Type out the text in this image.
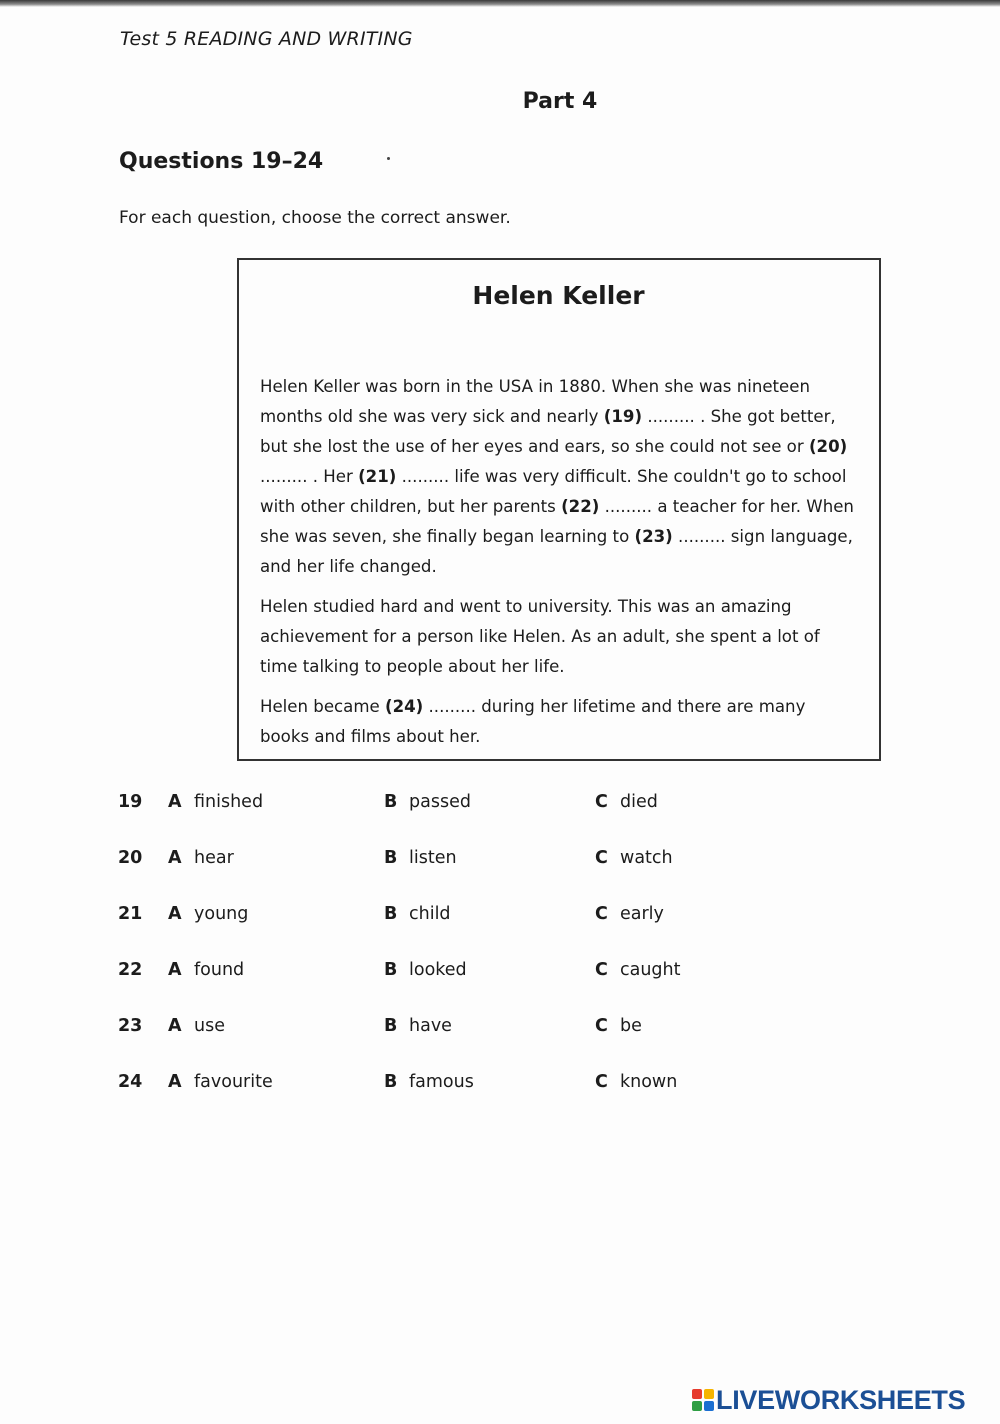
Test 5 READING AND WRITING
Part 4
Questions 19–24
For each question, choose the correct answer.
Helen Keller

Helen Keller was born in the USA in 1880. When she was nineteen months old she was very sick and nearly (19) ......... . She got better, but she lost the use of her eyes and ears, so she could not see or (20) ......... . Her (21) ......... life was very difficult. She couldn't go to school with other children, but her parents (22) ......... a teacher for her. When she was seven, she finally began learning to (23) ......... sign language, and her life changed.

Helen studied hard and went to university. This was an amazing achievement for a person like Helen. As an adult, she spent a lot of time talking to people about her life.

Helen became (24) ......... during her lifetime and there are many books and films about her.

19 A finished	B passed	C died
20 A hear	B listen	C watch
21 A young	B child	C early
22 A found	B looked	C caught
23 A use	B have	C be
24 A favourite	B famous	C known
LIVEWORKSHEETS
